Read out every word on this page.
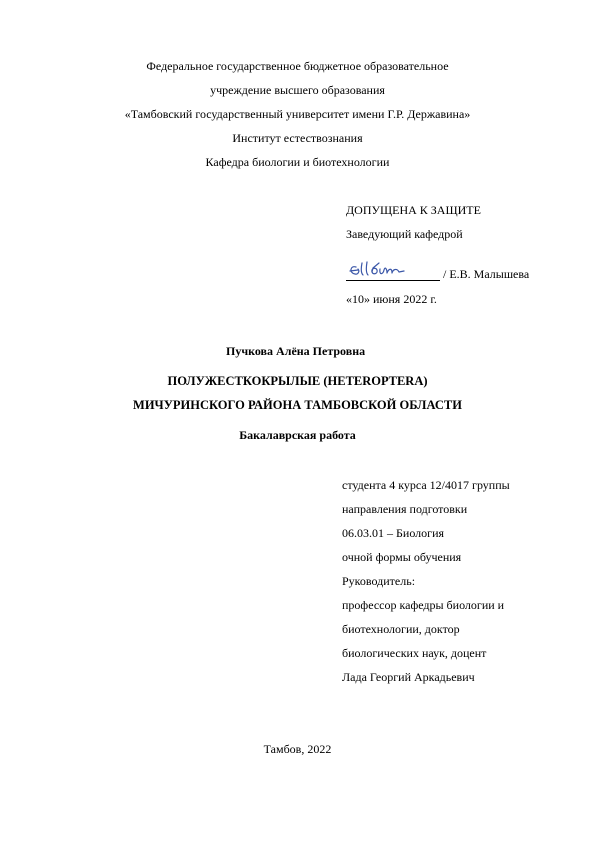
Федеральное государственное бюджетное образовательное
учреждение высшего образования
«Тамбовский государственный университет имени Г.Р. Державина»
Институт естествознания
Кафедра биологии и биотехнологии
ДОПУЩЕНА К ЗАЩИТЕ
Заведующий кафедрой
/ Е.В. Малышева
«10» июня 2022 г.
Пучкова Алёна Петровна
ПОЛУЖЕСТКОКРЫЛЫЕ (HETEROPTERA)
МИЧУРИНСКОГО РАЙОНА ТАМБОВСКОЙ ОБЛАСТИ
Бакалаврская работа
студента 4 курса 12/4017 группы
направления подготовки
06.03.01 – Биология
очной формы обучения
Руководитель:
профессор кафедры биологии и
биотехнологии, доктор
биологических наук, доцент
Лада Георгий Аркадьевич
Тамбов, 2022
